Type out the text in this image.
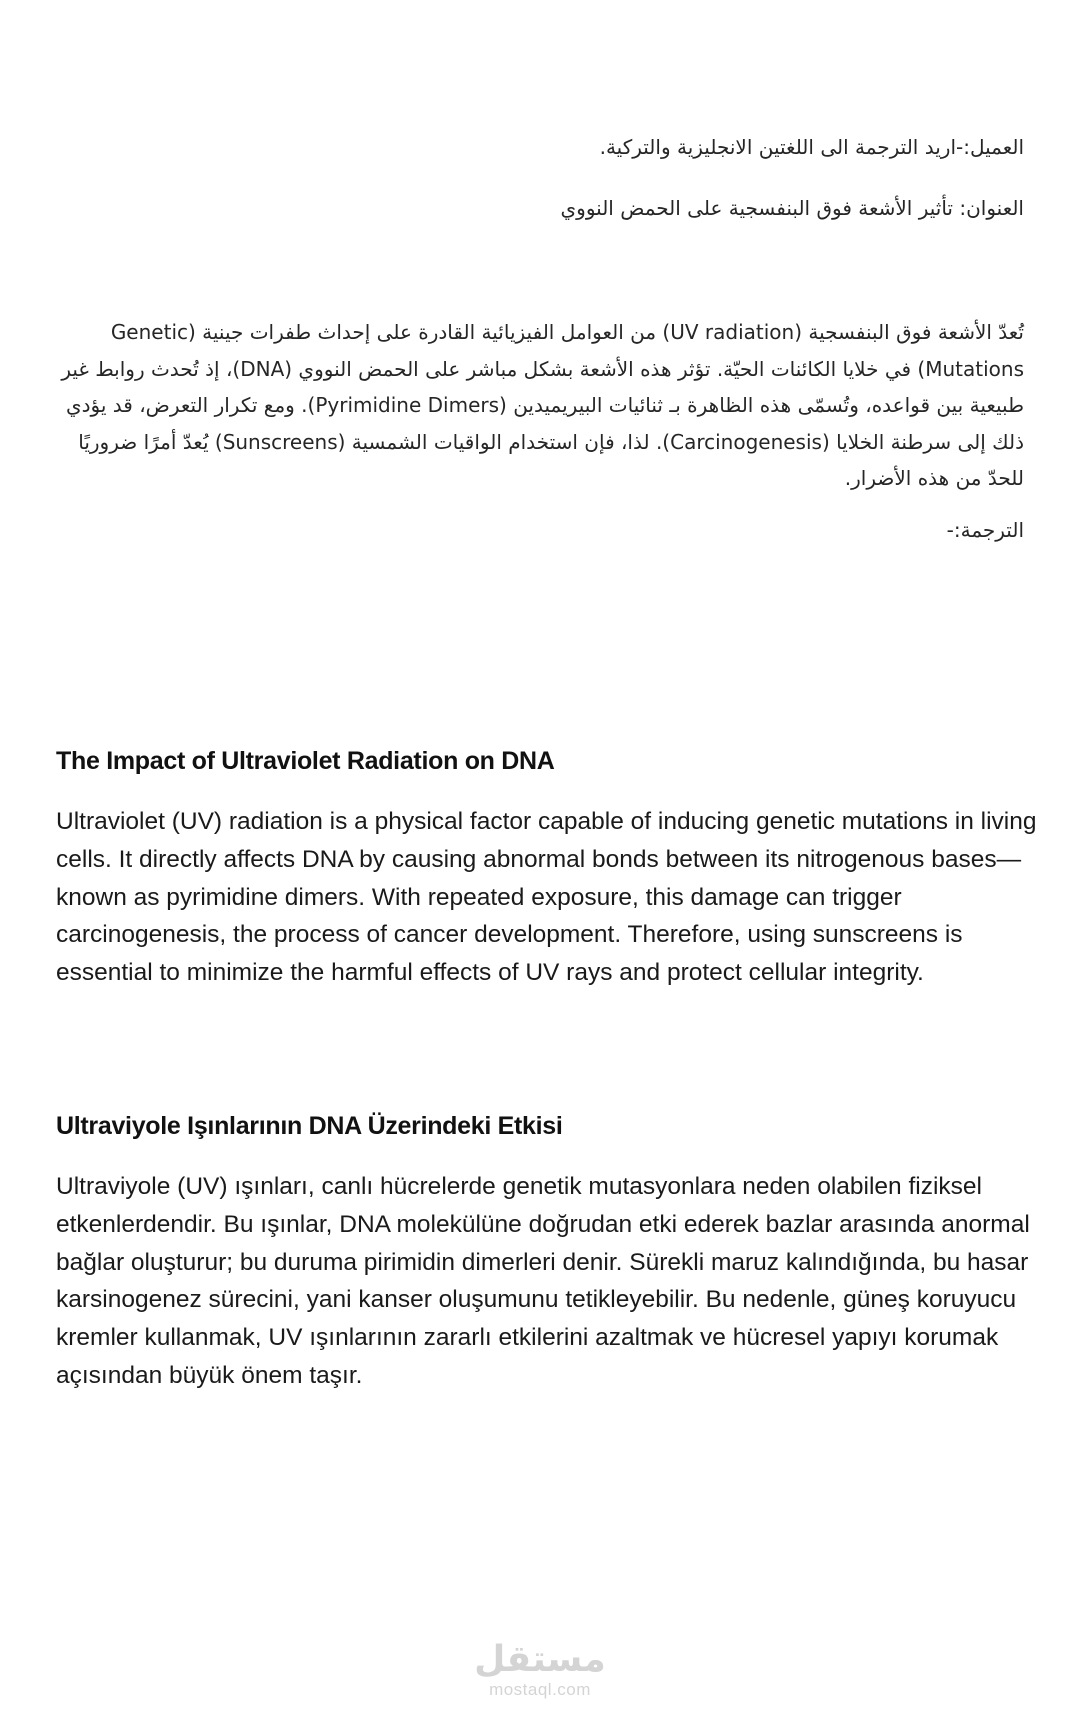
العميل:-اريد الترجمة الى اللغتين الانجليزية والتركية.

العنوان: تأثير الأشعة فوق البنفسجية على الحمض النووي

تُعدّ الأشعة فوق البنفسجية (UV radiation) من العوامل الفيزيائية القادرة على إحداث طفرات جينية (Genetic Mutations) في خلايا الكائنات الحيّة. تؤثر هذه الأشعة بشكل مباشر على الحمض النووي (DNA)، إذ تُحدث روابط غير طبيعية بين قواعده، وتُسمّى هذه الظاهرة بـ ثنائيات البيريميدين (Pyrimidine Dimers). ومع تكرار التعرض، قد يؤدي ذلك إلى سرطنة الخلايا (Carcinogenesis). لذا، فإن استخدام الواقيات الشمسية (Sunscreens) يُعدّ أمرًا ضروريًا للحدّ من هذه الأضرار.

الترجمة:-

The Impact of Ultraviolet Radiation on DNA

Ultraviolet (UV) radiation is a physical factor capable of inducing genetic mutations in living cells. It directly affects DNA by causing abnormal bonds between its nitrogenous bases—known as pyrimidine dimers. With repeated exposure, this damage can trigger carcinogenesis, the process of cancer development. Therefore, using sunscreens is essential to minimize the harmful effects of UV rays and protect cellular integrity.

Ultraviyole Işınlarının DNA Üzerindeki Etkisi

Ultraviyole (UV) ışınları, canlı hücrelerde genetik mutasyonlara neden olabilen fiziksel etkenlerdendir. Bu ışınlar, DNA molekülüne doğrudan etki ederek bazlar arasında anormal bağlar oluşturur; bu duruma pirimidin dimerleri denir. Sürekli maruz kalındığında, bu hasar karsinogenez sürecini, yani kanser oluşumunu tetikleyebilir. Bu nedenle, güneş koruyucu kremler kullanmak, UV ışınlarının zararlı etkilerini azaltmak ve hücresel yapıyı korumak açısından büyük önem taşır.

مستقل
mostaql.com
